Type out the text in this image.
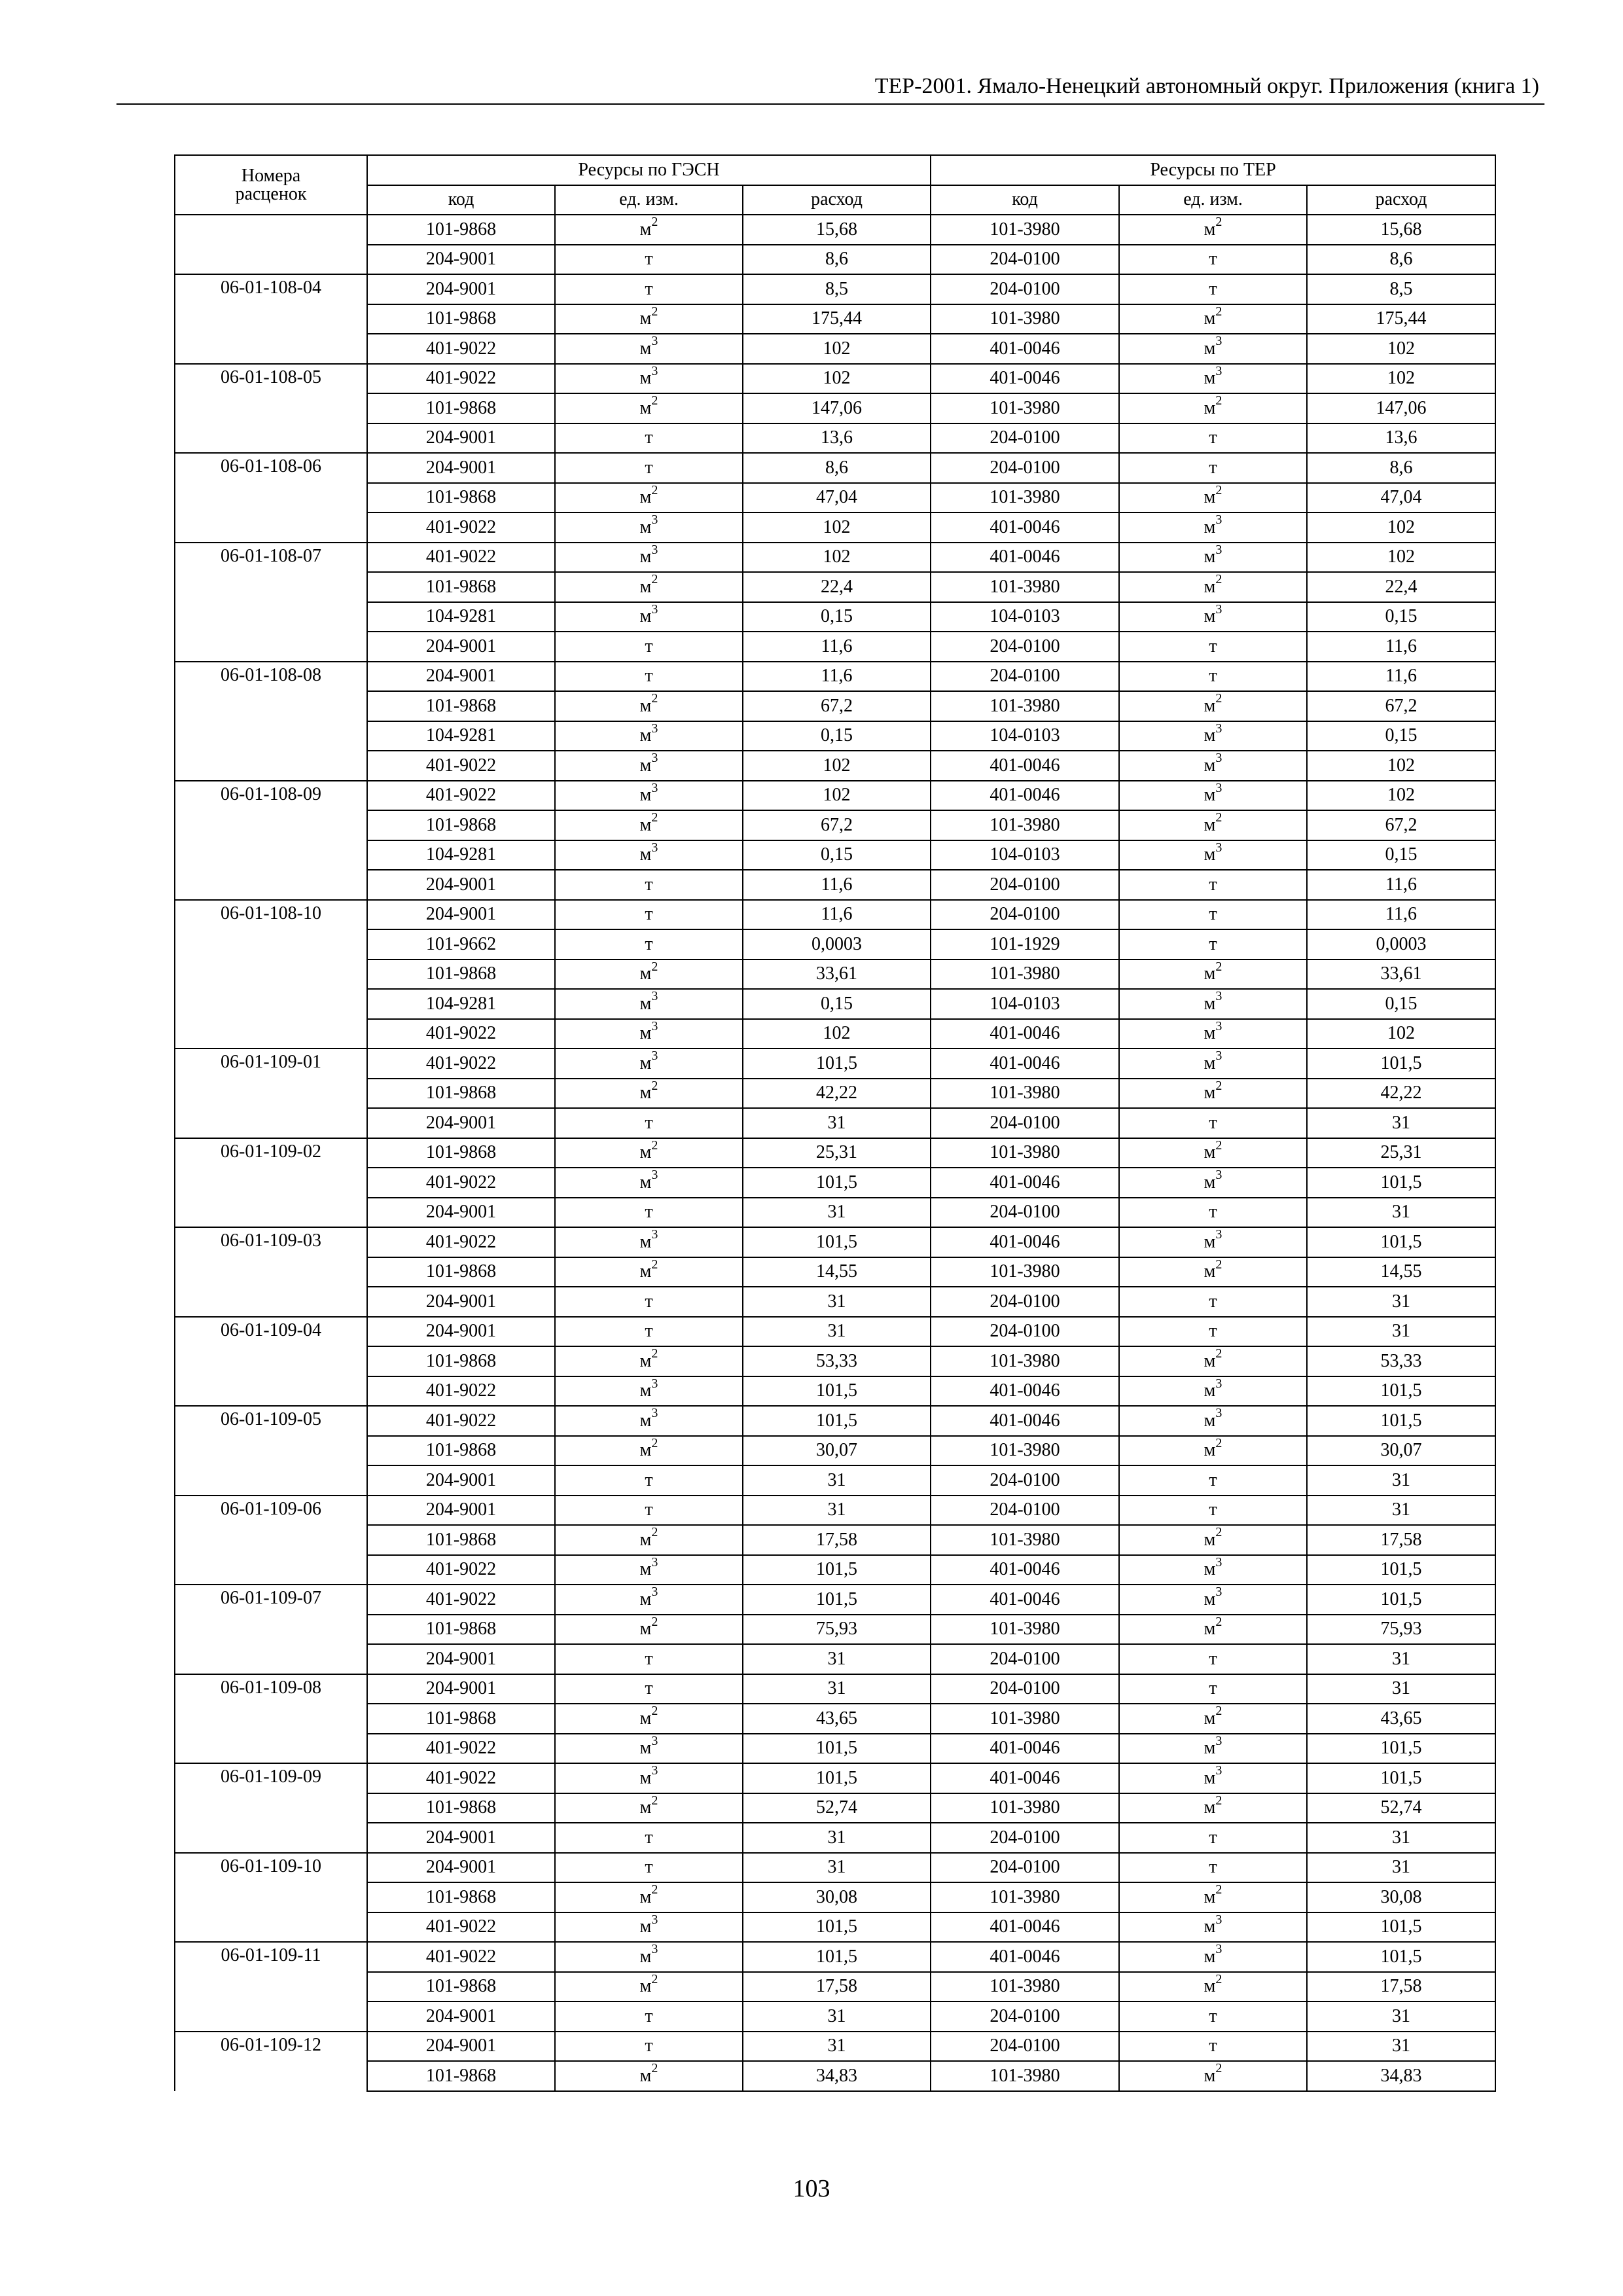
ТЕР-2001. Ямало-Ненецкий автономный округ. Приложения (книга 1)
Номера
расценок	Ресурсы по ГЭСН			Ресурсы по ТЕР		
	код	ед. изм.	расход	код	ед. изм.	расход
	101-9868	$м^2$	15,68	101-3980	$м^2$	15,68
	204-9001	т	8,6	204-0100	т	8,6
06-01-108-04	204-9001	т	8,5	204-0100	т	8,5
	101-9868	$м^2$	175,44	101-3980	$м^2$	175,44
	401-9022	$м^3$	102	401-0046	$м^3$	102
06-01-108-05	401-9022	$м^3$	102	401-0046	$м^3$	102
	101-9868	$м^2$	147,06	101-3980	$м^2$	147,06
	204-9001	т	13,6	204-0100	т	13,6
06-01-108-06	204-9001	т	8,6	204-0100	т	8,6
	101-9868	$м^2$	47,04	101-3980	$м^2$	47,04
	401-9022	$м^3$	102	401-0046	$м^3$	102
06-01-108-07	401-9022	$м^3$	102	401-0046	$м^3$	102
	101-9868	$м^2$	22,4	101-3980	$м^2$	22,4
	104-9281	$м^3$	0,15	104-0103	$м^3$	0,15
	204-9001	т	11,6	204-0100	т	11,6
06-01-108-08	204-9001	т	11,6	204-0100	т	11,6
	101-9868	$м^2$	67,2	101-3980	$м^2$	67,2
	104-9281	$м^3$	0,15	104-0103	$м^3$	0,15
	401-9022	$м^3$	102	401-0046	$м^3$	102
06-01-108-09	401-9022	$м^3$	102	401-0046	$м^3$	102
	101-9868	$м^2$	67,2	101-3980	$м^2$	67,2
	104-9281	$м^3$	0,15	104-0103	$м^3$	0,15
	204-9001	т	11,6	204-0100	т	11,6
06-01-108-10	204-9001	т	11,6	204-0100	т	11,6
	101-9662	т	0,0003	101-1929	т	0,0003
	101-9868	$м^2$	33,61	101-3980	$м^2$	33,61
	104-9281	$м^3$	0,15	104-0103	$м^3$	0,15
	401-9022	$м^3$	102	401-0046	$м^3$	102
06-01-109-01	401-9022	$м^3$	101,5	401-0046	$м^3$	101,5
	101-9868	$м^2$	42,22	101-3980	$м^2$	42,22
	204-9001	т	31	204-0100	т	31
06-01-109-02	101-9868	$м^2$	25,31	101-3980	$м^2$	25,31
	401-9022	$м^3$	101,5	401-0046	$м^3$	101,5
	204-9001	т	31	204-0100	т	31
06-01-109-03	401-9022	$м^3$	101,5	401-0046	$м^3$	101,5
	101-9868	$м^2$	14,55	101-3980	$м^2$	14,55
	204-9001	т	31	204-0100	т	31
06-01-109-04	204-9001	т	31	204-0100	т	31
	101-9868	$м^2$	53,33	101-3980	$м^2$	53,33
	401-9022	$м^3$	101,5	401-0046	$м^3$	101,5
06-01-109-05	401-9022	$м^3$	101,5	401-0046	$м^3$	101,5
	101-9868	$м^2$	30,07	101-3980	$м^2$	30,07
	204-9001	т	31	204-0100	т	31
06-01-109-06	204-9001	т	31	204-0100	т	31
	101-9868	$м^2$	17,58	101-3980	$м^2$	17,58
	401-9022	$м^3$	101,5	401-0046	$м^3$	101,5
06-01-109-07	401-9022	$м^3$	101,5	401-0046	$м^3$	101,5
	101-9868	$м^2$	75,93	101-3980	$м^2$	75,93
	204-9001	т	31	204-0100	т	31
06-01-109-08	204-9001	т	31	204-0100	т	31
	101-9868	$м^2$	43,65	101-3980	$м^2$	43,65
	401-9022	$м^3$	101,5	401-0046	$м^3$	101,5
06-01-109-09	401-9022	$м^3$	101,5	401-0046	$м^3$	101,5
	101-9868	$м^2$	52,74	101-3980	$м^2$	52,74
	204-9001	т	31	204-0100	т	31
06-01-109-10	204-9001	т	31	204-0100	т	31
	101-9868	$м^2$	30,08	101-3980	$м^2$	30,08
	401-9022	$м^3$	101,5	401-0046	$м^3$	101,5
06-01-109-11	401-9022	$м^3$	101,5	401-0046	$м^3$	101,5
	101-9868	$м^2$	17,58	101-3980	$м^2$	17,58
	204-9001	т	31	204-0100	т	31
06-01-109-12	204-9001	т	31	204-0100	т	31
	101-9868	$м^2$	34,83	101-3980	$м^2$	34,83
103
